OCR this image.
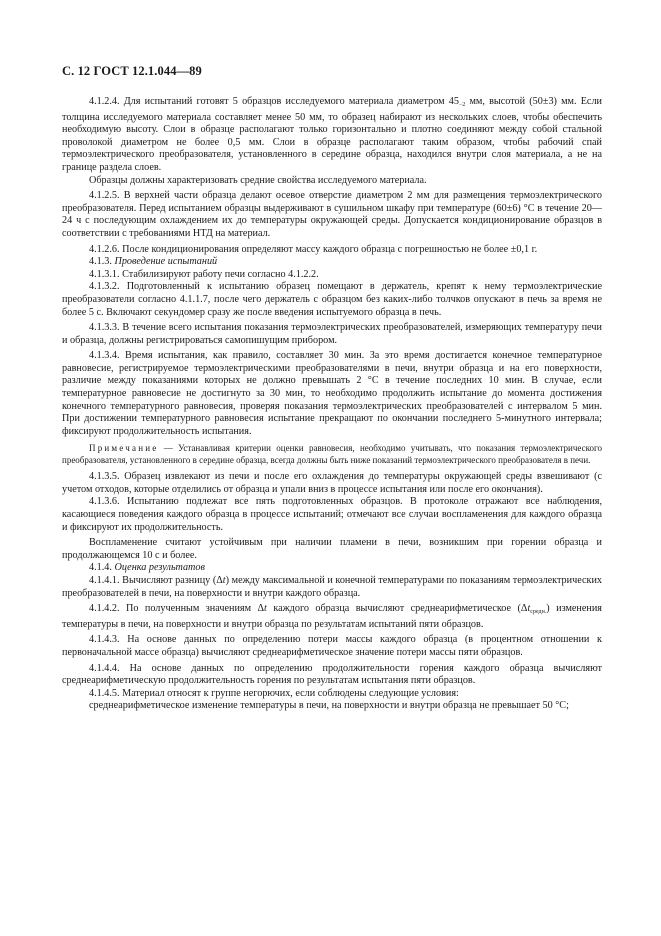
С. 12 ГОСТ 12.1.044—89

4.1.2.4. Для испытаний готовят 5 образцов исследуемого материала диаметром $45_{-2}$ мм, высотой (50±3) мм. Если толщина исследуемого материала составляет менее 50 мм, то образец набирают из нескольких слоев, чтобы обеспечить необходимую высоту. Слои в образце располагают только горизонтально и плотно соединяют между собой стальной проволокой диаметром не более 0,5 мм. Слои в образце располагают таким образом, чтобы рабочий спай термоэлектрического преобразователя, установленного в середине образца, находился внутри слоя материала, а не на границе раздела слоев.

Образцы должны характеризовать средние свойства исследуемого материала.

4.1.2.5. В верхней части образца делают осевое отверстие диаметром 2 мм для размещения термоэлектрического преобразователя. Перед испытанием образцы выдерживают в сушильном шкафу при температуре (60±6) °С в течение 20—24 ч с последующим охлаждением их до температуры окружающей среды. Допускается кондиционирование образцов в соответствии с требованиями НТД на материал.

4.1.2.6. После кондиционирования определяют массу каждого образца с погрешностью не более ±0,1 г.

4.1.3. Проведение испытаний

4.1.3.1. Стабилизируют работу печи согласно 4.1.2.2.

4.1.3.2. Подготовленный к испытанию образец помещают в держатель, крепят к нему термоэлектрические преобразователи согласно 4.1.1.7, после чего держатель с образцом без каких-либо толчков опускают в печь за время не более 5 с. Включают секундомер сразу же после введения испытуемого образца в печь.

4.1.3.3. В течение всего испытания показания термоэлектрических преобразователей, измеряющих температуру печи и образца, должны регистрироваться самопишущим прибором.

4.1.3.4. Время испытания, как правило, составляет 30 мин. За это время достигается конечное температурное равновесие, регистрируемое термоэлектрическими преобразователями в печи, внутри образца и на его поверхности, различие между показаниями которых не должно превышать 2 °С в течение последних 10 мин. В случае, если температурное равновесие не достигнуто за 30 мин, то необходимо продолжить испытание до момента достижения конечного температурного равновесия, проверяя показания термоэлектрических преобразователей с интервалом 5 мин. При достижении температурного равновесия испытание прекращают по окончании последнего 5-минутного интервала; фиксируют продолжительность испытания.

Примечание — Устанавливая критерии оценки равновесия, необходимо учитывать, что показания термоэлектрического преобразователя, установленного в середине образца, всегда должны быть ниже показаний термоэлектрического преобразователя в печи.

4.1.3.5. Образец извлекают из печи и после его охлаждения до температуры окружающей среды взвешивают (с учетом отходов, которые отделились от образца и упали вниз в процессе испытания или после его окончания).

4.1.3.6. Испытанию подлежат все пять подготовленных образцов. В протоколе отражают все наблюдения, касающиеся поведения каждого образца в процессе испытаний; отмечают все случаи воспламенения для каждого образца и фиксируют их продолжительность.

Воспламенение считают устойчивым при наличии пламени в печи, возникшим при горении образца и продолжающемся 10 с и более.

4.1.4. Оценка результатов

4.1.4.1. Вычисляют разницу (Δt) между максимальной и конечной температурами по показаниям термоэлектрических преобразователей в печи, на поверхности и внутри каждого образца.

4.1.4.2. По полученным значениям Δt каждого образца вычисляют среднеарифметическое $(\Delta t_{средн.})$ изменения температуры в печи, на поверхности и внутри образца по результатам испытаний пяти образцов.

4.1.4.3. На основе данных по определению потери массы каждого образца (в процентном отношении к первоначальной массе образца) вычисляют среднеарифметическое значение потери массы пяти образцов.

4.1.4.4. На основе данных по определению продолжительности горения каждого образца вычисляют среднеарифметическую продолжительность горения по результатам испытания пяти образцов.

4.1.4.5. Материал относят к группе негорючих, если соблюдены следующие условия:

среднеарифметическое изменение температуры в печи, на поверхности и внутри образца не превышает 50 °С;
